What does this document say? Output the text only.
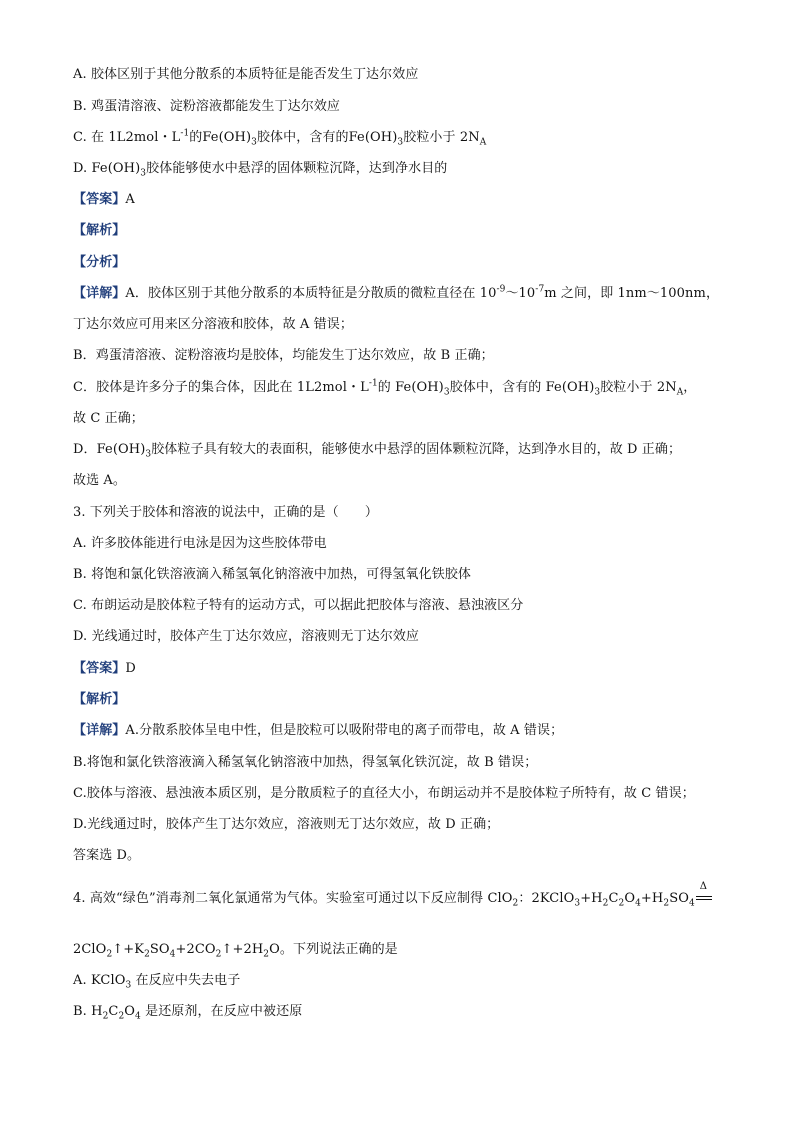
A. 胶体区别于其他分散系的本质特征是能否发生丁达尔效应
B. 鸡蛋清溶液、淀粉溶液都能发生丁达尔效应
C. 在 1L2mol・$L^{-1}$的$Fe(OH)_3$胶体中，含有的$Fe(OH)_3$胶粒小于 $2N_A$
D. $Fe(OH)_3$胶体能够使水中悬浮的固体颗粒沉降，达到净水目的
【答案】A
【解析】
【分析】
【详解】A．胶体区别于其他分散系的本质特征是分散质的微粒直径在 $10^{-9}\sim 10^{-7}m$ 之间，即 1nm～100nm，
丁达尔效应可用来区分溶液和胶体，故 A 错误；
B．鸡蛋清溶液、淀粉溶液均是胶体，均能发生丁达尔效应，故 B 正确；
C．胶体是许多分子的集合体，因此在 1L2mol・$L^{-1}$的 $Fe(OH)_3$胶体中，含有的 $Fe(OH)_3$胶粒小于 $2N_A$，
故 C 正确；
D．$Fe(OH)_3$胶体粒子具有较大的表面积，能够使水中悬浮的固体颗粒沉降，达到净水目的，故 D 正确；
故选 A。
3. 下列关于胶体和溶液的说法中，正确的是（　　）
A. 许多胶体能进行电泳是因为这些胶体带电
B. 将饱和氯化铁溶液滴入稀氢氧化钠溶液中加热，可得氢氧化铁胶体
C. 布朗运动是胶体粒子特有的运动方式，可以据此把胶体与溶液、悬浊液区分
D. 光线通过时，胶体产生丁达尔效应，溶液则无丁达尔效应
【答案】D
【解析】
【详解】A.分散系胶体呈电中性，但是胶粒可以吸附带电的离子而带电，故 A 错误；
B.将饱和氯化铁溶液滴入稀氢氧化钠溶液中加热，得氢氧化铁沉淀，故 B 错误；
C.胶体与溶液、悬浊液本质区别，是分散质粒子的直径大小，布朗运动并不是胶体粒子所特有，故 C 错误；
D.光线通过时，胶体产生丁达尔效应，溶液则无丁达尔效应，故 D 正确；
答案选 D。
4. 高效“绿色”消毒剂二氧化氯通常为气体。实验室可通过以下反应制得 ClO$_2$：$2KClO_3+H_2C_2O_4+H_2SO_4$
Δ
$2ClO_2↑+K_2SO_4+2CO_2↑+2H_2O$。下列说法正确的是
A. KClO$_3$ 在反应中失去电子
B. $H_2C_2O_4$ 是还原剂，在反应中被还原
